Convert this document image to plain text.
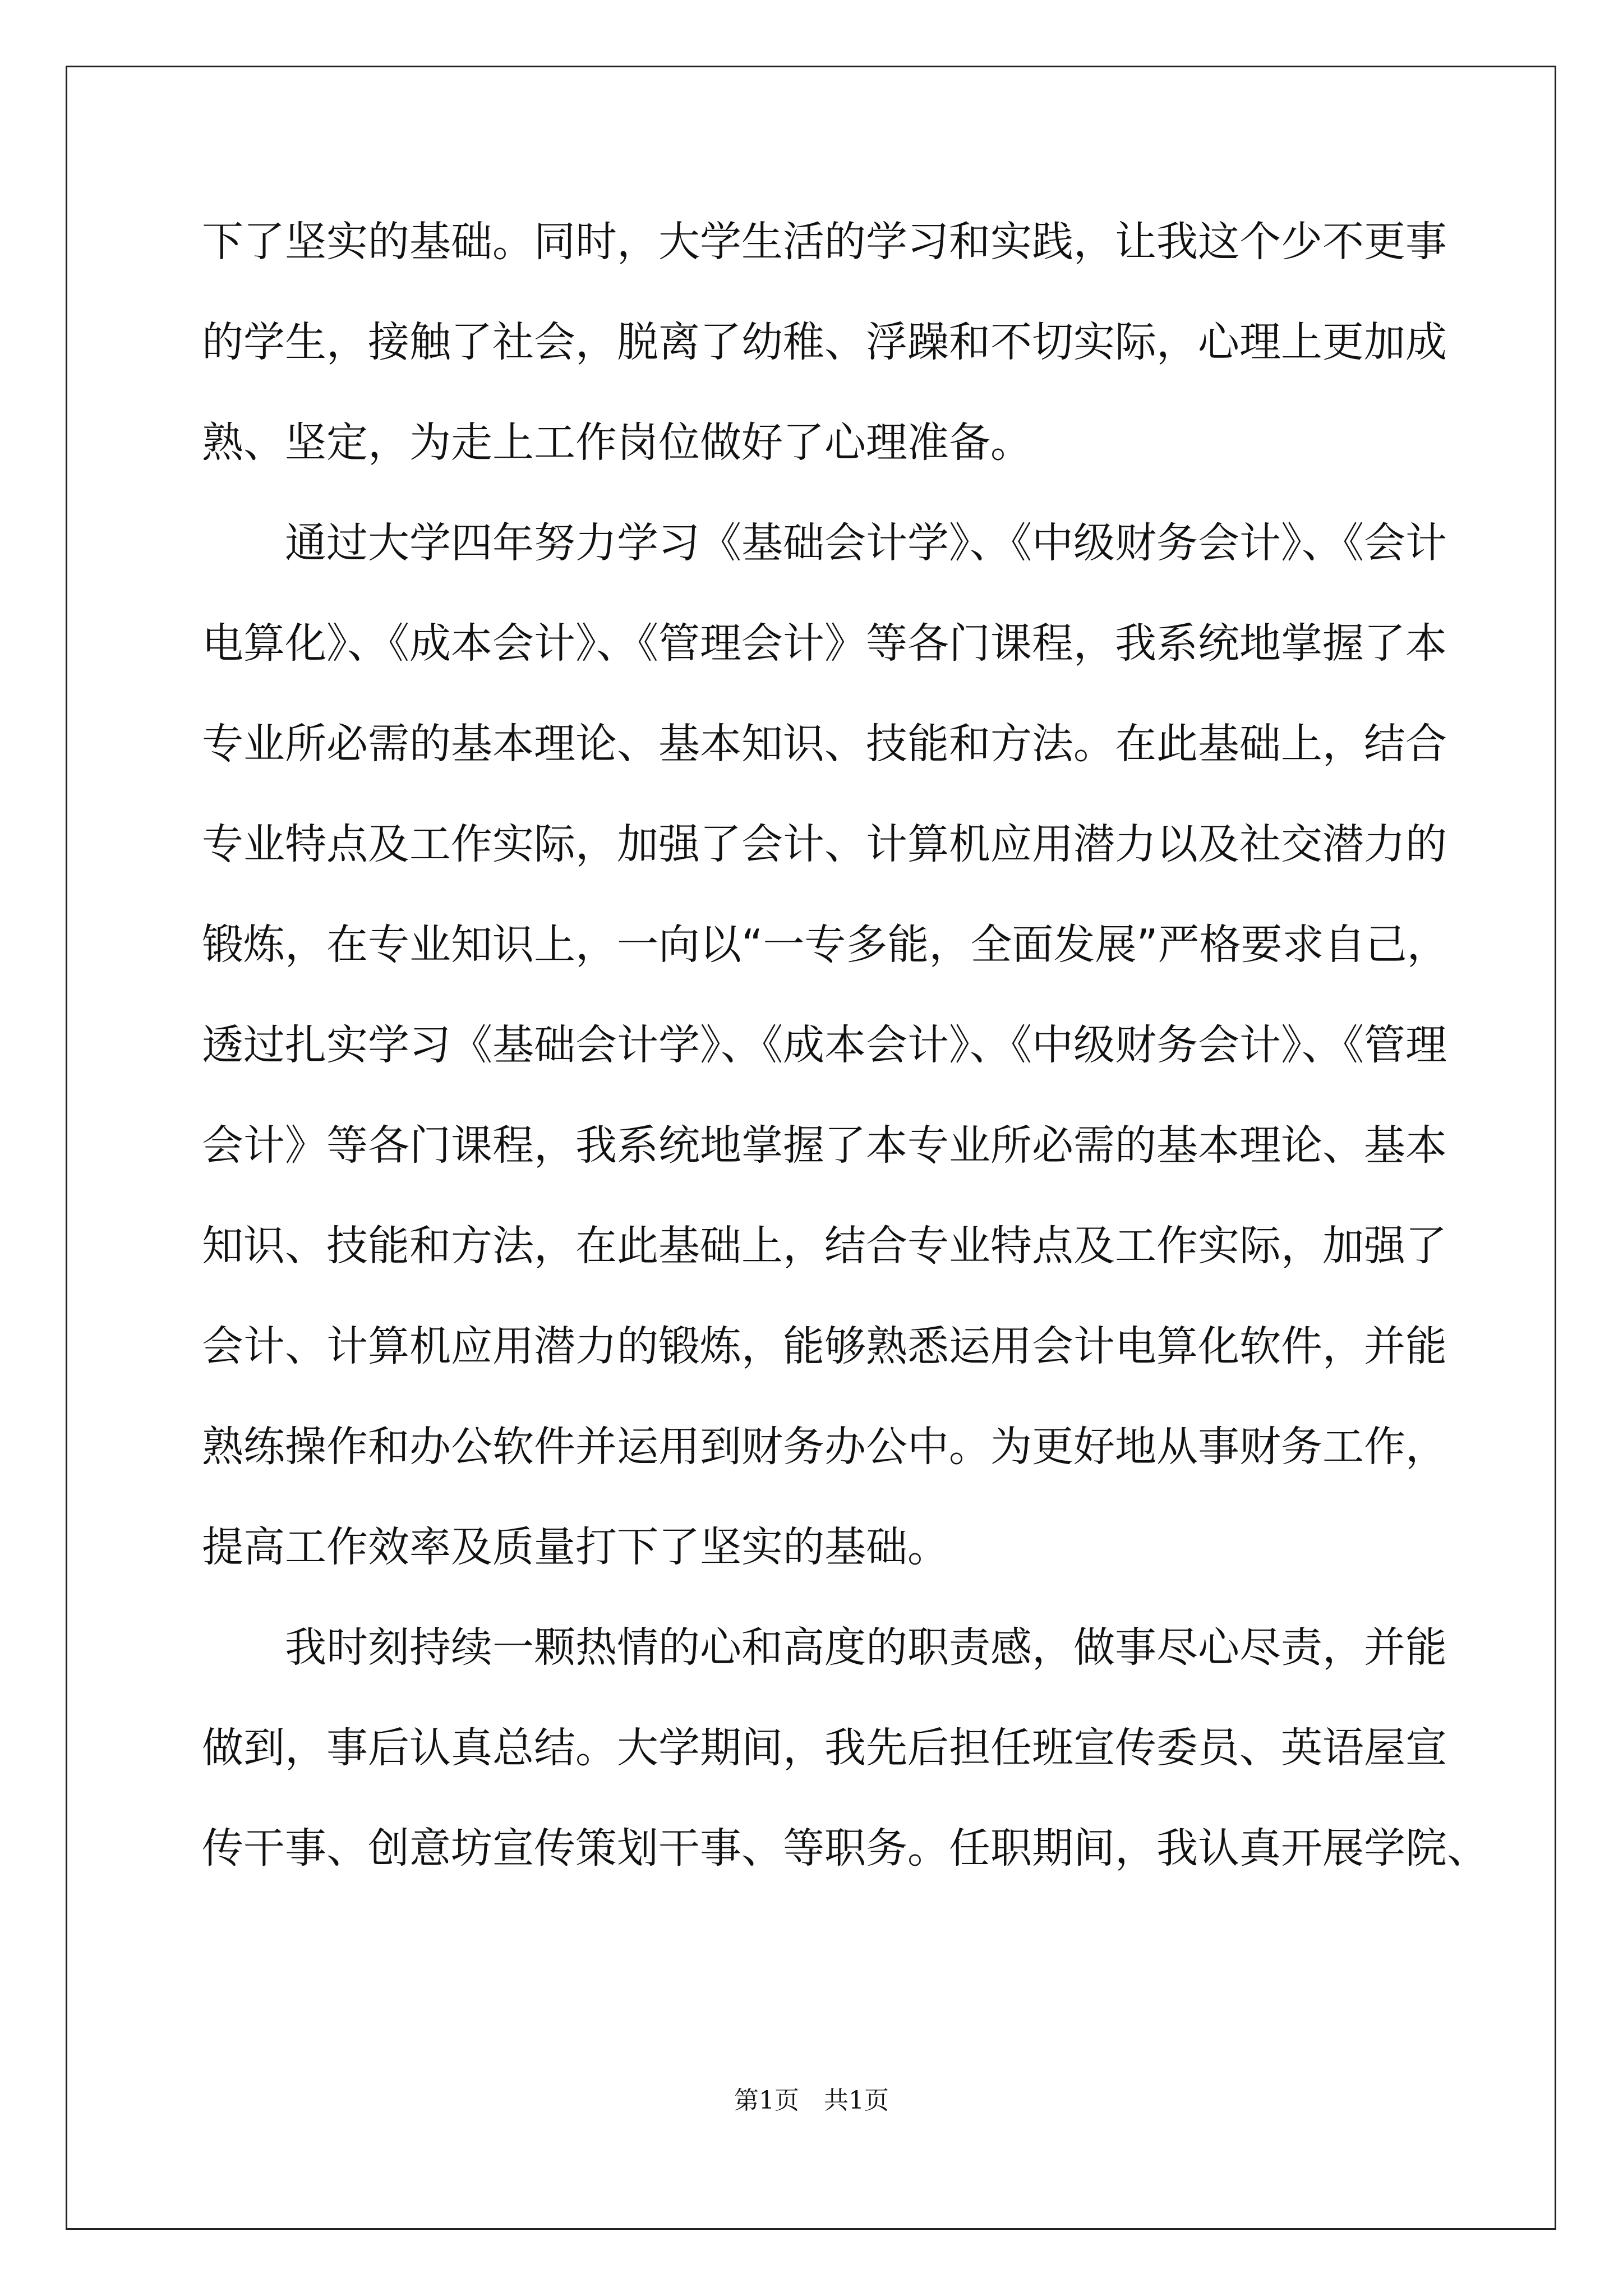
下了坚实的基础。同时，大学生活的学习和实践，让我这个少不更事
的学生，接触了社会，脱离了幼稚、浮躁和不切实际，心理上更加成
熟、坚定，为走上工作岗位做好了心理准备。
通过大学四年努力学习《基础会计学》、《中级财务会计》、《会计
电算化》、《成本会计》、《管理会计》等各门课程，我系统地掌握了本
专业所必需的基本理论、基本知识、技能和方法。在此基础上，结合
专业特点及工作实际，加强了会计、计算机应用潜力以及社交潜力的
锻炼，在专业知识上，一向以“一专多能，全面发展”严格要求自己，
透过扎实学习《基础会计学》、《成本会计》、《中级财务会计》、《管理
会计》等各门课程，我系统地掌握了本专业所必需的基本理论、基本
知识、技能和方法，在此基础上，结合专业特点及工作实际，加强了
会计、计算机应用潜力的锻炼，能够熟悉运用会计电算化软件，并能
熟练操作和办公软件并运用到财务办公中。为更好地从事财务工作，
提高工作效率及质量打下了坚实的基础。
我时刻持续一颗热情的心和高度的职责感，做事尽心尽责，并能
做到，事后认真总结。大学期间，我先后担任班宣传委员、英语屋宣
传干事、创意坊宣传策划干事、等职务。任职期间，我认真开展学院、
第1页　共1页
